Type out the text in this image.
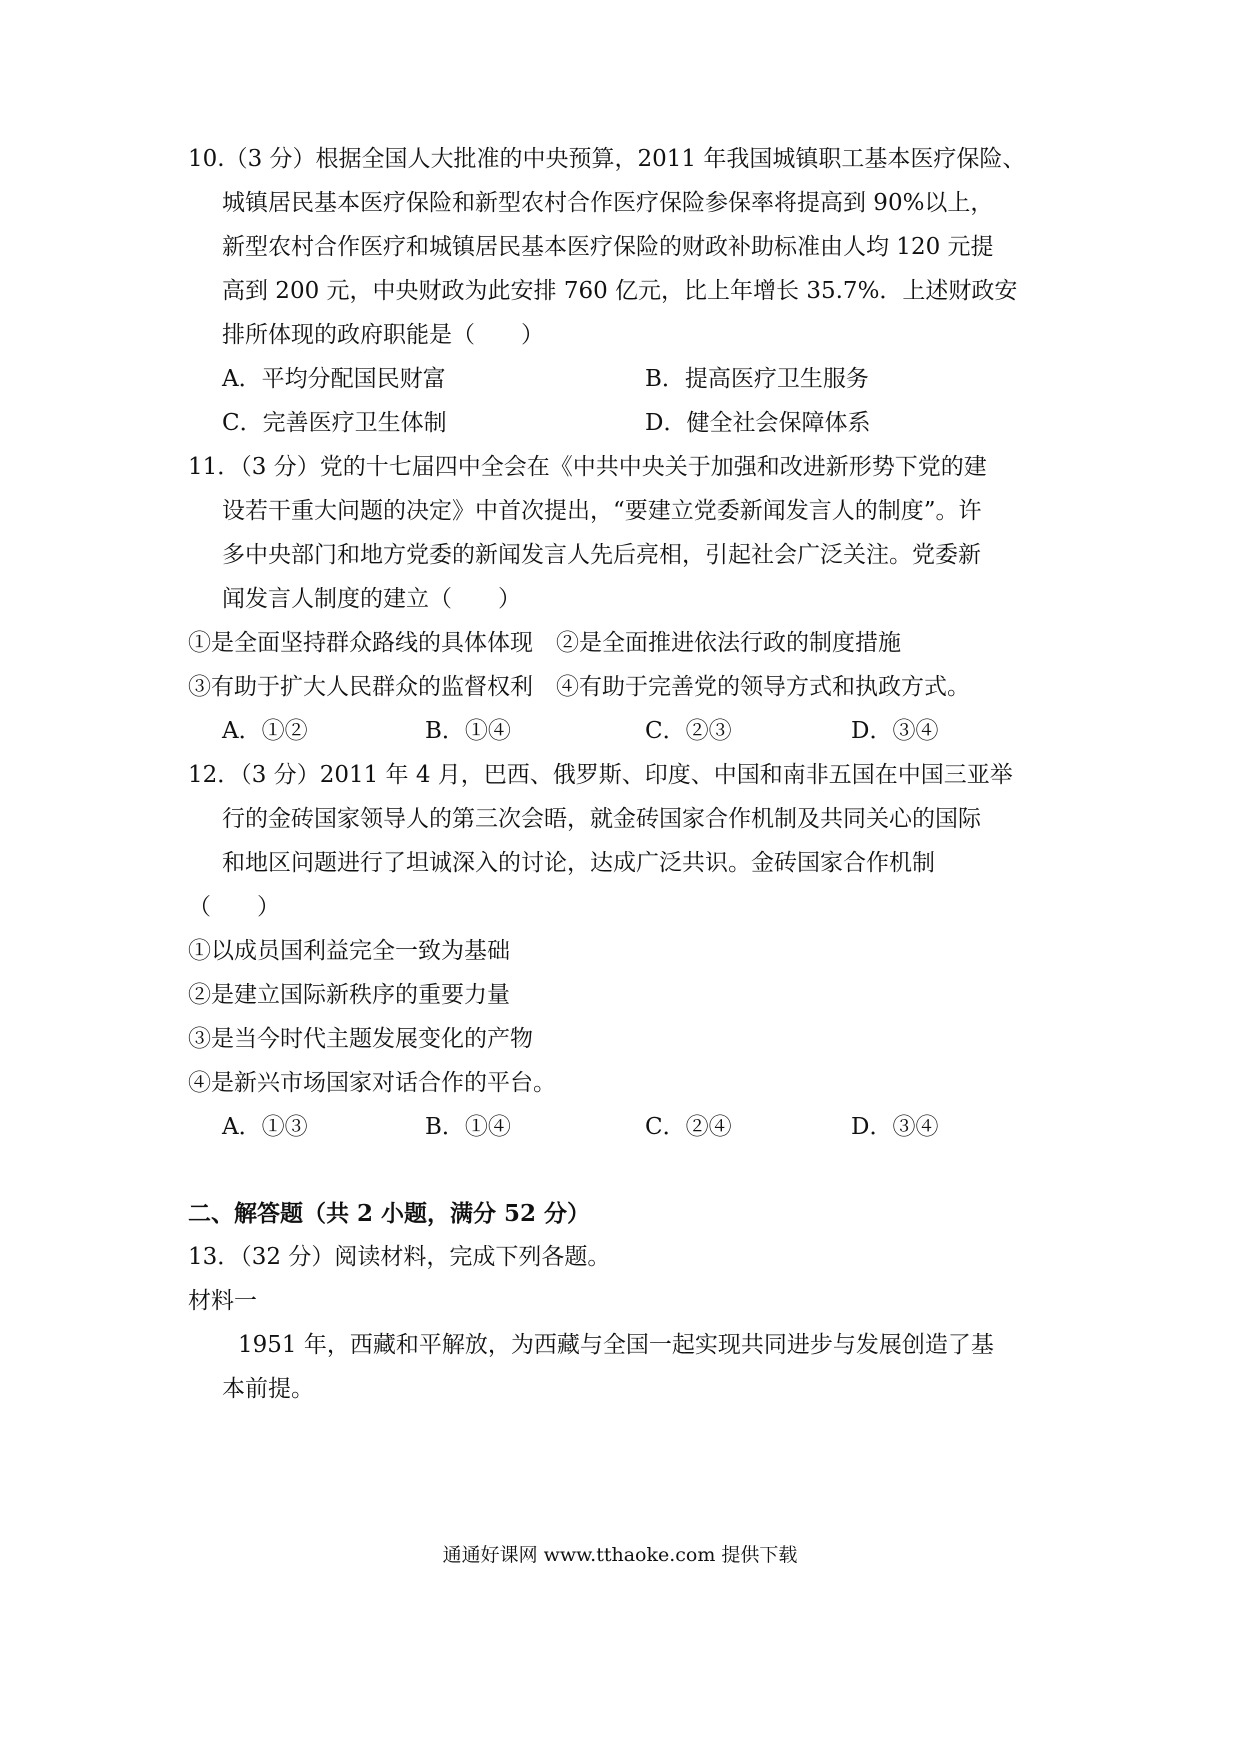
10.（3 分）根据全国人大批准的中央预算，2011 年我国城镇职工基本医疗保险、
城镇居民基本医疗保险和新型农村合作医疗保险参保率将提高到 90%以上，
新型农村合作医疗和城镇居民基本医疗保险的财政补助标准由人均 120 元提
高到 200 元，中央财政为此安排 760 亿元，比上年增长 35.7%．上述财政安
排所体现的政府职能是（　　）
A．平均分配国民财富	B．提高医疗卫生服务
C．完善医疗卫生体制	D．健全社会保障体系
11．（3 分）党的十七届四中全会在《中共中央关于加强和改进新形势下党的建
设若干重大问题的决定》中首次提出，“要建立党委新闻发言人的制度”。许
多中央部门和地方党委的新闻发言人先后亮相，引起社会广泛关注。党委新
闻发言人制度的建立（　　）
①是全面坚持群众路线的具体体现　②是全面推进依法行政的制度措施
③有助于扩大人民群众的监督权利　④有助于完善党的领导方式和执政方式。
A．①②	B．①④	C．②③	D．③④
12．（3 分）2011 年 4 月，巴西、俄罗斯、印度、中国和南非五国在中国三亚举
行的金砖国家领导人的第三次会晤，就金砖国家合作机制及共同关心的国际
和地区问题进行了坦诚深入的讨论，达成广泛共识。金砖国家合作机制
（　　）
①以成员国利益完全一致为基础
②是建立国际新秩序的重要力量
③是当今时代主题发展变化的产物
④是新兴市场国家对话合作的平台。
A．①③	B．①④	C．②④	D．③④
二、解答题（共 2 小题，满分 52 分）
13．（32 分）阅读材料，完成下列各题。
材料一
1951 年，西藏和平解放，为西藏与全国一起实现共同进步与发展创造了基
本前提。
通通好课网 www.tthaoke.com 提供下载
